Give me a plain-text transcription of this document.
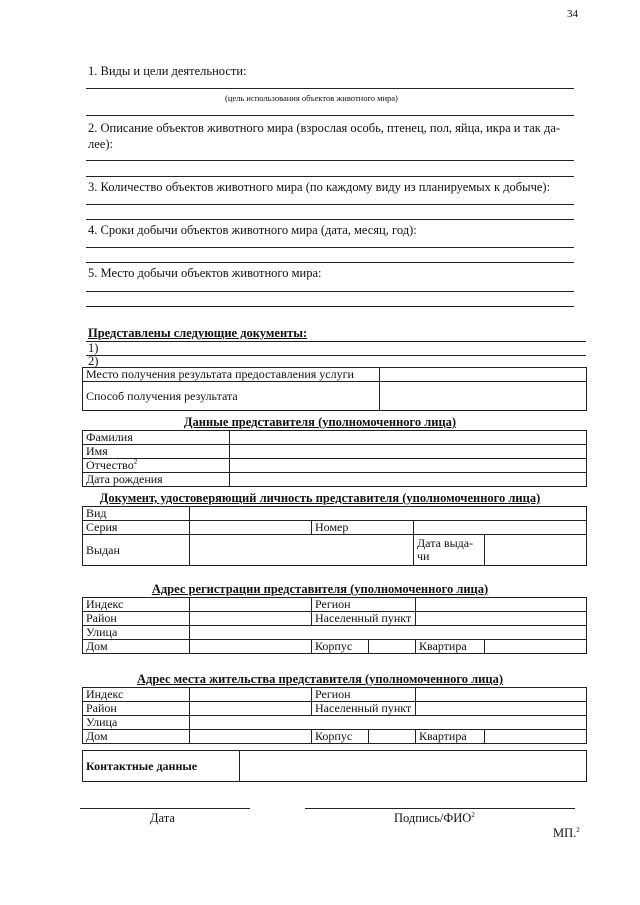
34
1. Виды и цели деятельности:
(цель использования объектов животного мира)
2. Описание объектов животного мира (взрослая особь, птенец, пол, яйца, икра и так да-
лее):
3. Количество объектов животного мира (по каждому виду из планируемых к добыче):
4. Сроки добычи объектов животного мира (дата, месяц, год):
5. Место добычи объектов животного мира:
Представлены следующие документы:
1)
2)
Место получения результата предоставления услуги	
Способ получения результата	
Данные представителя (уполномоченного лица)
Фамилия	
Имя	
Отчество$^2$	
Дата рождения	
Документ, удостоверяющий личность представителя (уполномоченного лица)
Вид				
Серия		Номер		
Выдан			Дата выда-
чи	
Адрес регистрации представителя (уполномоченного лица)
Индекс		Регион			
Район		Населенный пункт			
Улица					
Дом		Корпус		Квартира	
Адрес места жительства представителя (уполномоченного лица)
Индекс		Регион			
Район		Населенный пункт			
Улица					
Дом		Корпус		Квартира	
Контактные данные	
Дата	Подпись/ФИО$^2$
МП.$^2$
